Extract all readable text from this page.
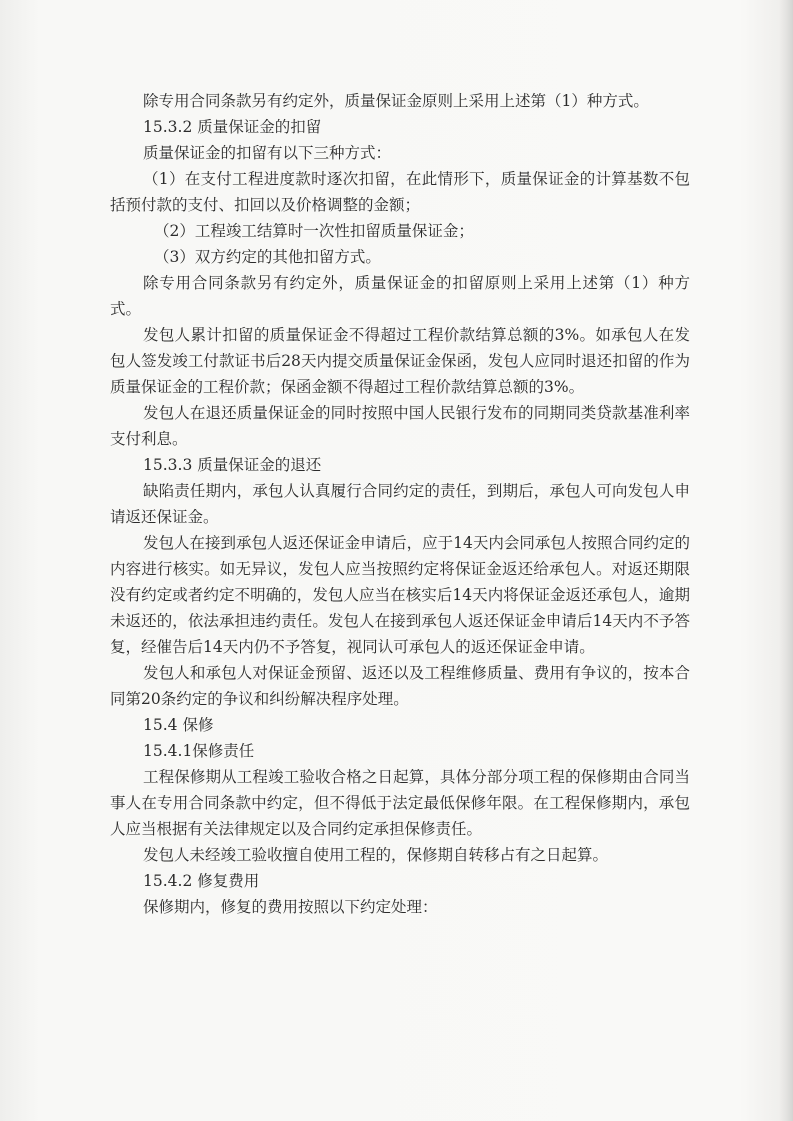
除专用合同条款另有约定外，质量保证金原则上采用上述第（1）种方式。

15.3.2 质量保证金的扣留

质量保证金的扣留有以下三种方式：

（1）在支付工程进度款时逐次扣留，在此情形下，质量保证金的计算基数不包括预付款的支付、扣回以及价格调整的金额；

（2）工程竣工结算时一次性扣留质量保证金；

（3）双方约定的其他扣留方式。

除专用合同条款另有约定外，质量保证金的扣留原则上采用上述第（1）种方式。

发包人累计扣留的质量保证金不得超过工程价款结算总额的3%。如承包人在发包人签发竣工付款证书后28天内提交质量保证金保函，发包人应同时退还扣留的作为质量保证金的工程价款；保函金额不得超过工程价款结算总额的3%。

发包人在退还质量保证金的同时按照中国人民银行发布的同期同类贷款基准利率支付利息。

15.3.3 质量保证金的退还

缺陷责任期内，承包人认真履行合同约定的责任，到期后，承包人可向发包人申请返还保证金。

发包人在接到承包人返还保证金申请后，应于14天内会同承包人按照合同约定的内容进行核实。如无异议，发包人应当按照约定将保证金返还给承包人。对返还期限没有约定或者约定不明确的，发包人应当在核实后14天内将保证金返还承包人，逾期未返还的，依法承担违约责任。发包人在接到承包人返还保证金申请后14天内不予答复，经催告后14天内仍不予答复，视同认可承包人的返还保证金申请。

发包人和承包人对保证金预留、返还以及工程维修质量、费用有争议的，按本合同第20条约定的争议和纠纷解决程序处理。

15.4 保修

15.4.1保修责任

工程保修期从工程竣工验收合格之日起算，具体分部分项工程的保修期由合同当事人在专用合同条款中约定，但不得低于法定最低保修年限。在工程保修期内，承包人应当根据有关法律规定以及合同约定承担保修责任。

发包人未经竣工验收擅自使用工程的，保修期自转移占有之日起算。

15.4.2 修复费用

保修期内，修复的费用按照以下约定处理：
